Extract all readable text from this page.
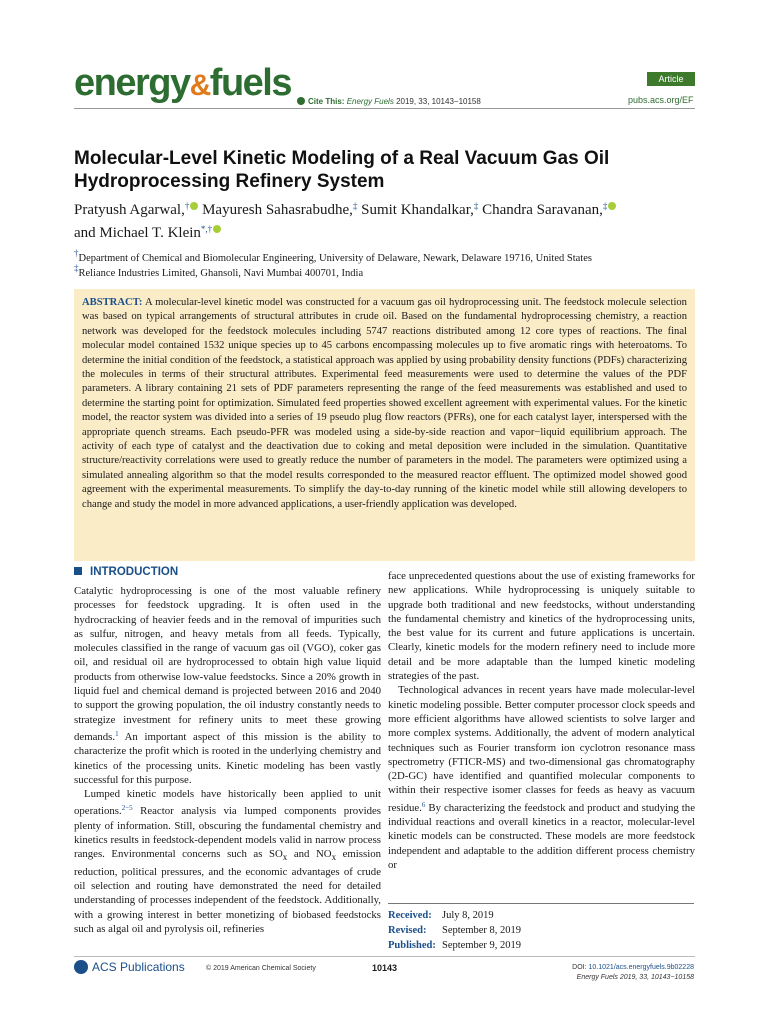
energy&fuels	Article
Cite This: Energy Fuels 2019, 33, 10143−10158	pubs.acs.org/EF
Molecular-Level Kinetic Modeling of a Real Vacuum Gas Oil Hydroprocessing Refinery System
Pratyush Agarwal,† Mayuresh Sahasrabudhe,‡ Sumit Khandalkar,‡ Chandra Saravanan,‡
and Michael T. Klein*,†
†Department of Chemical and Biomolecular Engineering, University of Delaware, Newark, Delaware 19716, United States
‡Reliance Industries Limited, Ghansoli, Navi Mumbai 400701, India
ABSTRACT: A molecular-level kinetic model was constructed for a vacuum gas oil hydroprocessing unit. The feedstock molecule selection was based on typical arrangements of structural attributes in crude oil. Based on the fundamental hydroprocessing chemistry, a reaction network was developed for the feedstock molecules including 5747 reactions distributed among 12 core types of reactions. The final molecular model contained 1532 unique species up to 45 carbons encompassing molecules up to five aromatic rings with heteroatoms. To determine the initial condition of the feedstock, a statistical approach was applied by using probability density functions (PDFs) characterizing the molecules in terms of their structural attributes. Experimental feed measurements were used to determine the values of the PDF parameters. A library containing 21 sets of PDF parameters representing the range of the feed measurements was established and used to determine the starting point for optimization. Simulated feed properties showed excellent agreement with experimental values. For the kinetic model, the reactor system was divided into a series of 19 pseudo plug flow reactors (PFRs), one for each catalyst layer, interspersed with the appropriate quench streams. Each pseudo-PFR was modeled using a side-by-side reaction and vapor−liquid equilibrium approach. The activity of each type of catalyst and the deactivation due to coking and metal deposition were included in the simulation. Quantitative structure/reactivity correlations were used to greatly reduce the number of parameters in the model. The parameters were optimized using a simulated annealing algorithm so that the model results corresponded to the measured reactor effluent. The optimized model showed good agreement with the experimental measurements. To simplify the day-to-day running of the kinetic model while still allowing developers to change and study the model in more advanced applications, a user-friendly application was developed.
INTRODUCTION

Catalytic hydroprocessing is one of the most valuable refinery processes for feedstock upgrading. It is often used in the hydrocracking of heavier feeds and in the removal of impurities such as sulfur, nitrogen, and heavy metals from all feeds. Typically, molecules classified in the range of vacuum gas oil (VGO), coker gas oil, and residual oil are hydroprocessed to obtain high value liquid products from otherwise low-value feedstocks. Since a 20% growth in liquid fuel and chemical demand is projected between 2016 and 2040 to support the growing population, the oil industry constantly needs to strategize investment for refinery units to meet these growing demands.$^1$ An important aspect of this mission is the ability to characterize the profit which is rooted in the underlying chemistry and kinetics of the processing units. Kinetic modeling has been vastly successful for this purpose.

Lumped kinetic models have historically been applied to unit operations.$^{2-5}$ Reactor analysis via lumped components provides plenty of information. Still, obscuring the fundamental chemistry and kinetics results in feedstock-dependent models valid in narrow process ranges. Environmental concerns such as $SO_x$ and $NO_x$ emission reduction, political pressures, and the economic advantages of crude oil selection and routing have demonstrated the need for detailed understanding of processes independent of the feedstock. Additionally, with a growing interest in better monetizing of biobased feedstocks such as algal oil and pyrolysis oil, refineries

face unprecedented questions about the use of existing frameworks for new applications. While hydroprocessing is uniquely suitable to upgrade both traditional and new feedstocks, without understanding the fundamental chemistry and kinetics of the hydroprocessing units, the best value for its current and future applications is uncertain. Clearly, kinetic models for the modern refinery need to include more detail and be more adaptable than the lumped kinetic modeling strategies of the past.

Technological advances in recent years have made molecular-level kinetic modeling possible. Better computer processor clock speeds and more efficient algorithms have allowed scientists to solve larger and more complex systems. Additionally, the advent of modern analytical techniques such as Fourier transform ion cyclotron resonance mass spectrometry (FTICR-MS) and two-dimensional gas chromatography (2D-GC) have identified and quantified molecular components to within their respective isomer classes for feeds as heavy as vacuum residue.$^6$ By characterizing the feedstock and product and studying the individual reactions and overall kinetics in a reactor, molecular-level kinetic models can be constructed. These models are more feedstock independent and adaptable to the addition different process chemistry or

Received: July 8, 2019
Revised: September 8, 2019
Published: September 9, 2019
ACS Publications	© 2019 American Chemical Society	10143	DOI: 10.1021/acs.energyfuels.9b02228
Energy Fuels 2019, 33, 10143−10158
